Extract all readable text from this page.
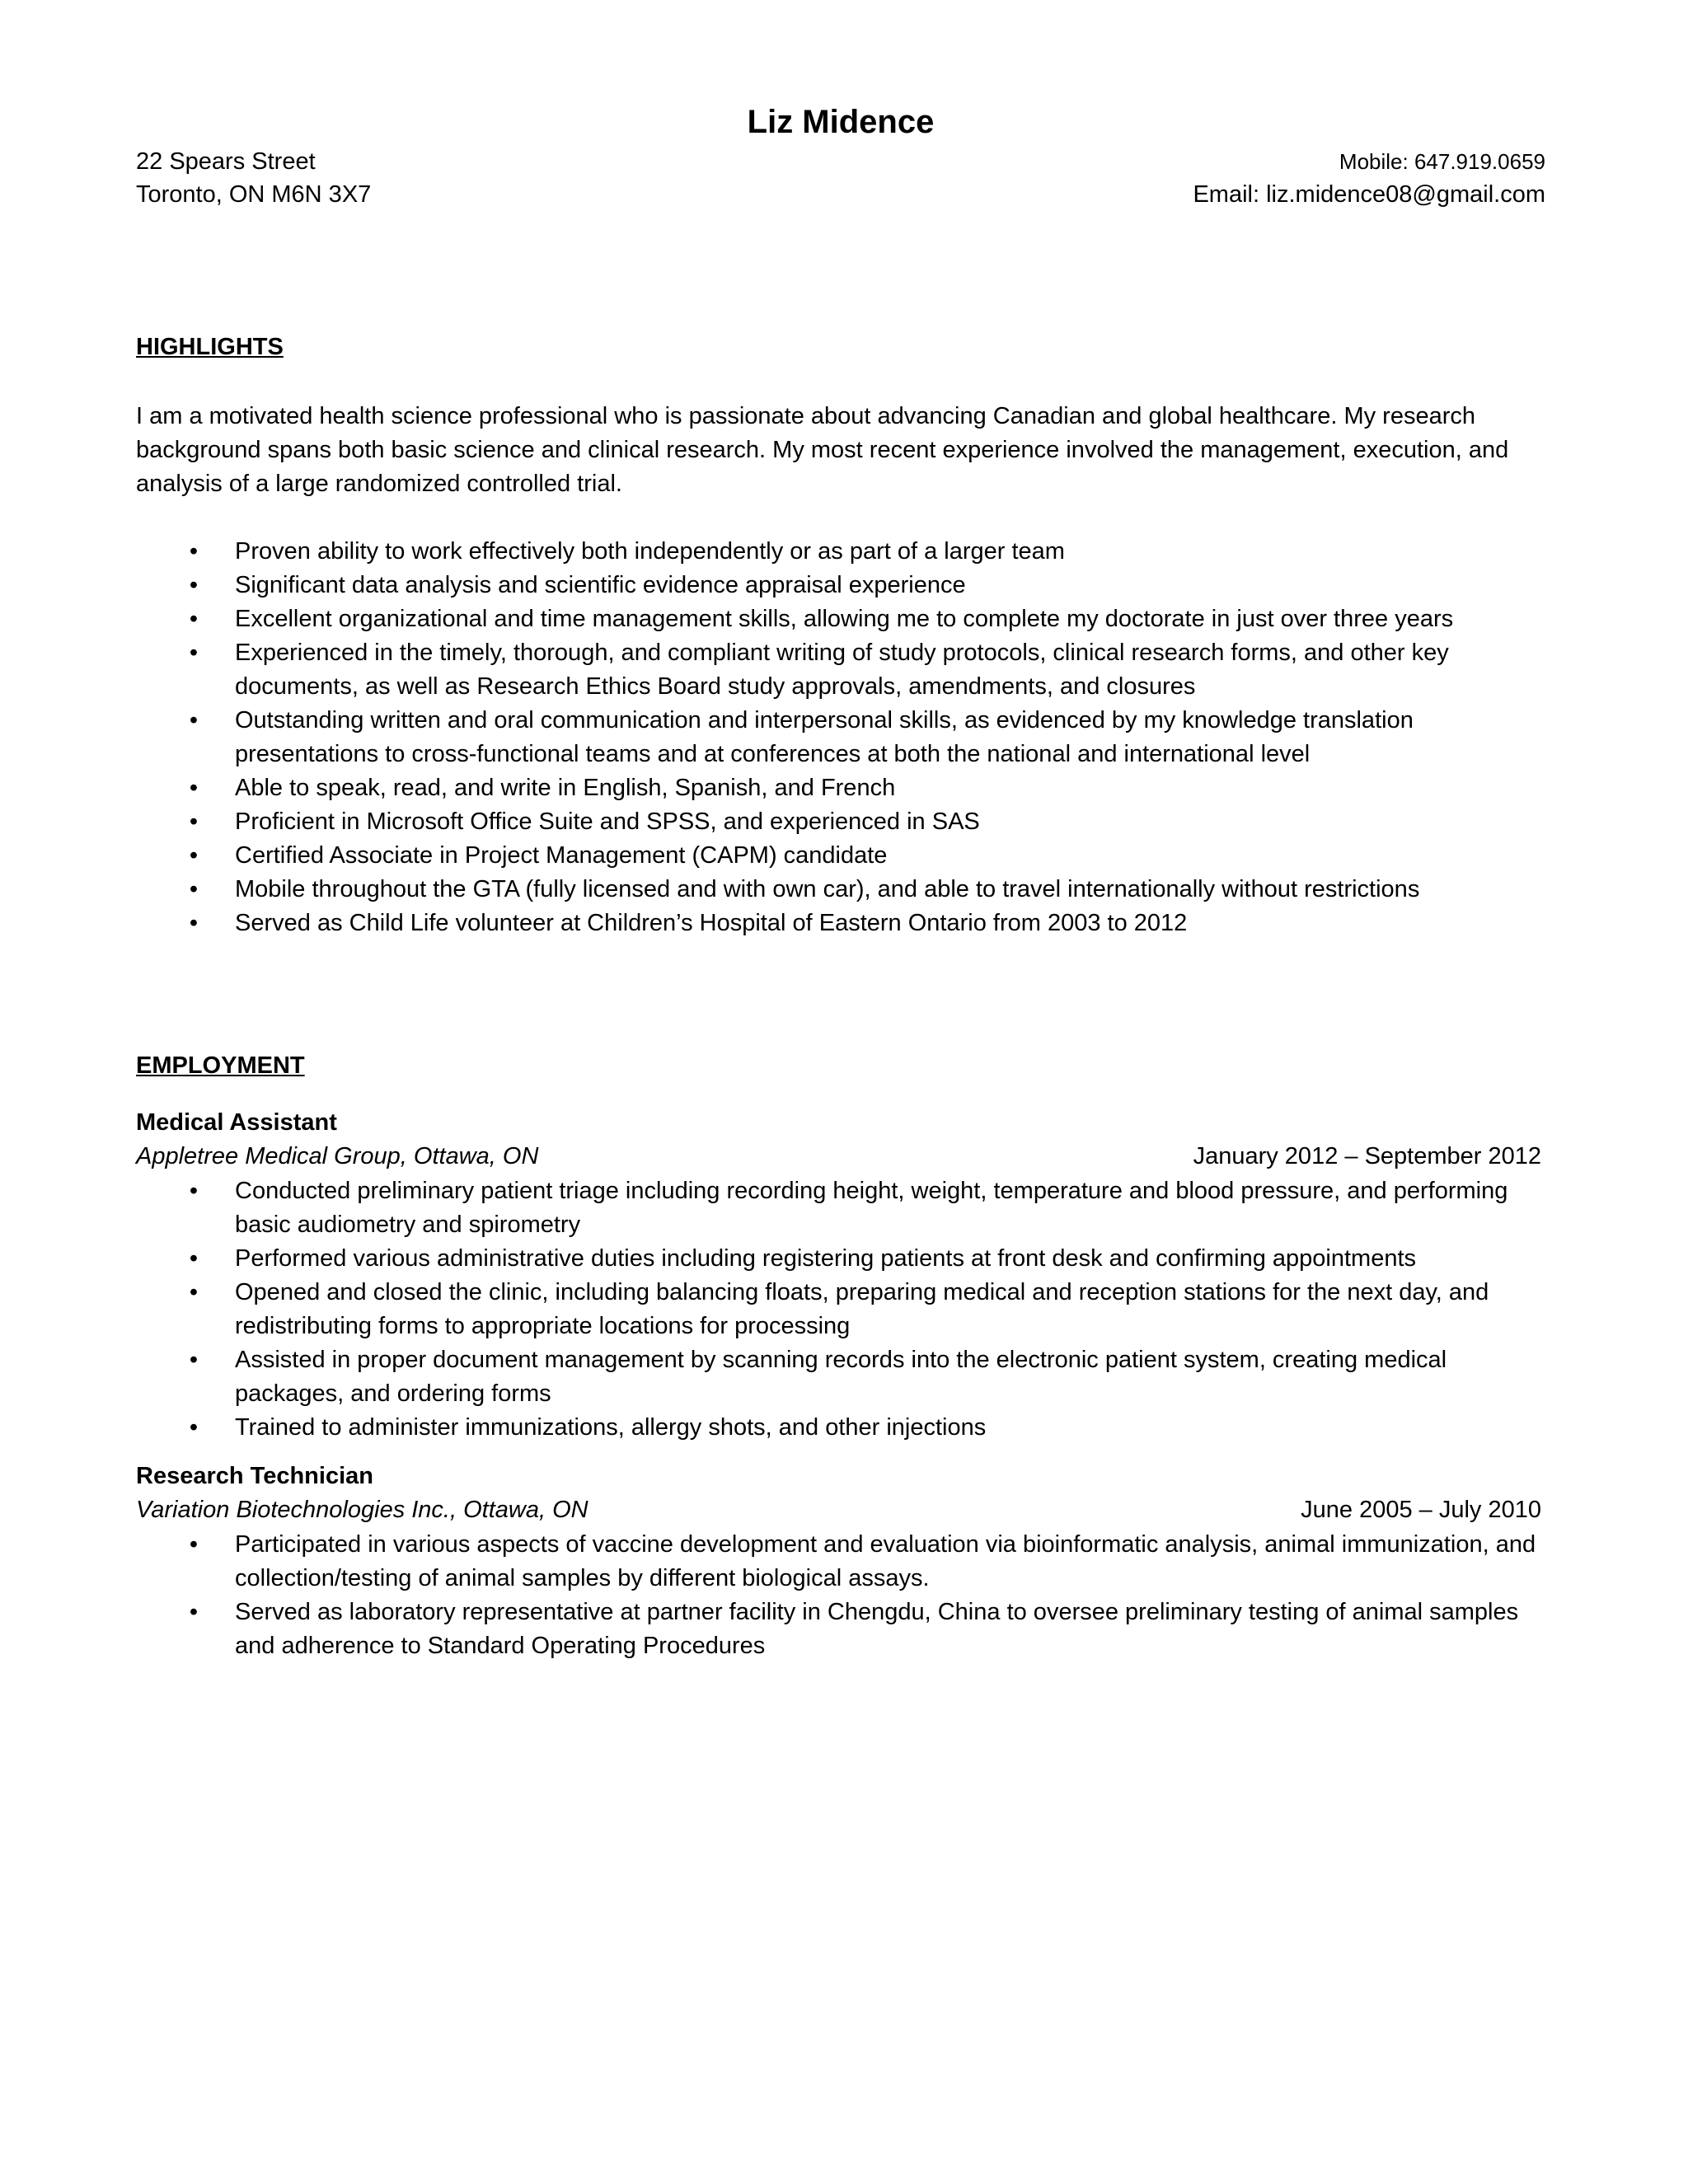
Liz Midence
22 Spears Street	Mobile: 647.919.0659
Toronto, ON M6N 3X7	Email: liz.midence08@gmail.com
HIGHLIGHTS

I am a motivated health science professional who is passionate about advancing Canadian and global healthcare. My research background spans both basic science and clinical research. My most recent experience involved the management, execution, and analysis of a large randomized controlled trial.

• Proven ability to work effectively both independently or as part of a larger team
• Significant data analysis and scientific evidence appraisal experience
• Excellent organizational and time management skills, allowing me to complete my doctorate in just over three years
• Experienced in the timely, thorough, and compliant writing of study protocols, clinical research forms, and other key documents, as well as Research Ethics Board study approvals, amendments, and closures
• Outstanding written and oral communication and interpersonal skills, as evidenced by my knowledge translation presentations to cross-functional teams and at conferences at both the national and international level
• Able to speak, read, and write in English, Spanish, and French
• Proficient in Microsoft Office Suite and SPSS, and experienced in SAS
• Certified Associate in Project Management (CAPM) candidate
• Mobile throughout the GTA (fully licensed and with own car), and able to travel internationally without restrictions
• Served as Child Life volunteer at Children’s Hospital of Eastern Ontario from 2003 to 2012
EMPLOYMENT
Medical Assistant
Appletree Medical Group, Ottawa, ON	January 2012 – September 2012
• Conducted preliminary patient triage including recording height, weight, temperature and blood pressure, and performing basic audiometry and spirometry
• Performed various administrative duties including registering patients at front desk and confirming appointments
• Opened and closed the clinic, including balancing floats, preparing medical and reception stations for the next day, and redistributing forms to appropriate locations for processing
• Assisted in proper document management by scanning records into the electronic patient system, creating medical packages, and ordering forms
• Trained to administer immunizations, allergy shots, and other injections
Research Technician
Variation Biotechnologies Inc., Ottawa, ON	June 2005 – July 2010
• Participated in various aspects of vaccine development and evaluation via bioinformatic analysis, animal immunization, and collection/testing of animal samples by different biological assays.
• Served as laboratory representative at partner facility in Chengdu, China to oversee preliminary testing of animal samples and adherence to Standard Operating Procedures
